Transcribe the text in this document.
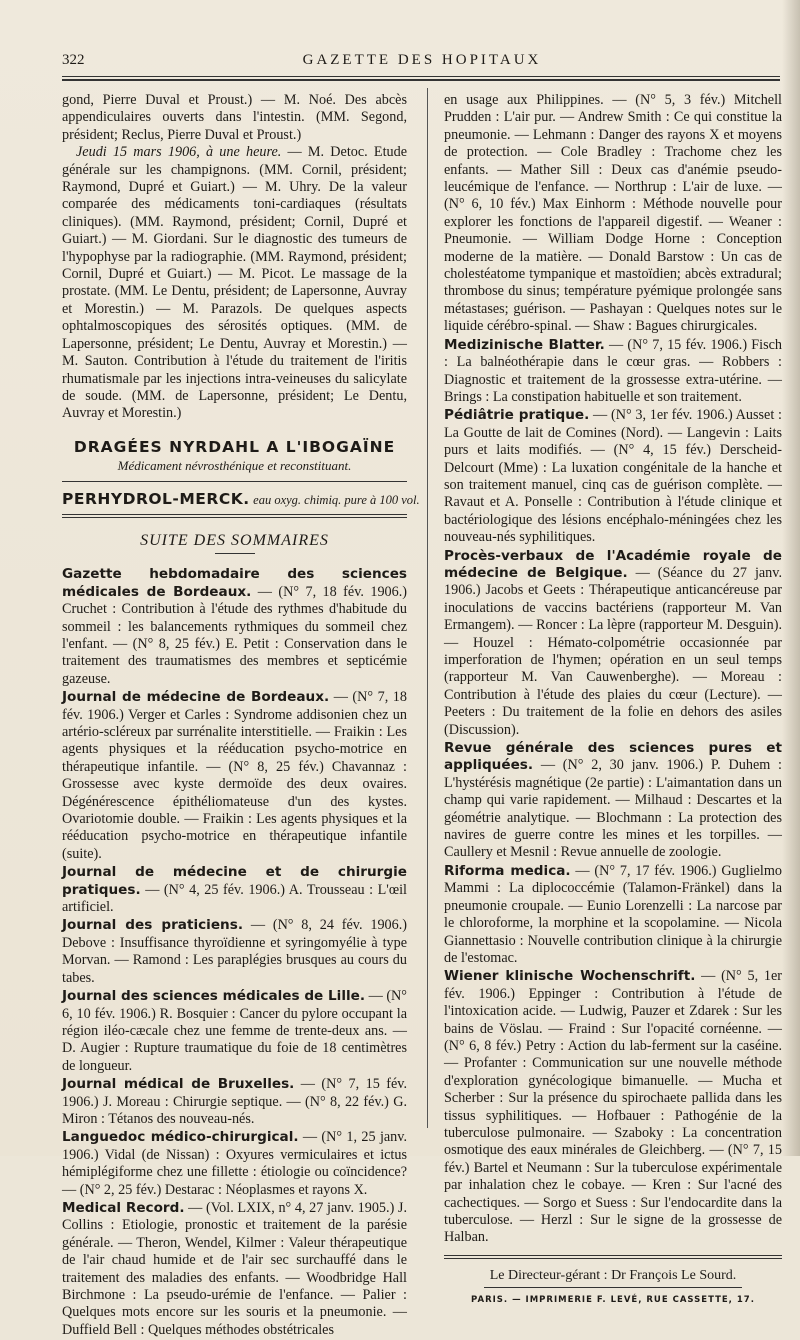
322	GAZETTE DES HOPITAUX

gond, Pierre Duval et Proust.) — M. Noé. Des abcès appendiculaires ouverts dans l'intestin. (MM. Segond, président; Reclus, Pierre Duval et Proust.)

Jeudi 15 mars 1906, à une heure. — M. Detoc. Etude générale sur les champignons. (MM. Cornil, président; Raymond, Dupré et Guiart.) — M. Uhry. De la valeur comparée des médicaments toni-cardiaques (résultats cliniques). (MM. Raymond, président; Cornil, Dupré et Guiart.) — M. Giordani. Sur le diagnostic des tumeurs de l'hypophyse par la radiographie. (MM. Raymond, président; Cornil, Dupré et Guiart.) — M. Picot. Le massage de la prostate. (MM. Le Dentu, président; de Lapersonne, Auvray et Morestin.) — M. Parazols. De quelques aspects ophtalmoscopiques des sérosités optiques. (MM. de Lapersonne, président; Le Dentu, Auvray et Morestin.) — M. Sauton. Contribution à l'étude du traitement de l'iritis rhumatismale par les injections intra-veineuses du salicylate de soude. (MM. de Lapersonne, président; Le Dentu, Auvray et Morestin.)

DRAGÉES NYRDAHL A L'IBOGAÏNE
Médicament névrosthénique et reconstituant.
PERHYDROL-MERCK. eau oxyg. chimiq. pure à 100 vol.
SUITE DES SOMMAIRES

Gazette hebdomadaire des sciences médicales de Bordeaux. — (N° 7, 18 fév. 1906.) Cruchet : Contribution à l'étude des rythmes d'habitude du sommeil : les balancements rythmiques du sommeil chez l'enfant. — (N° 8, 25 fév.) E. Petit : Conservation dans le traitement des traumatismes des membres et septicémie gazeuse.

Journal de médecine de Bordeaux. — (N° 7, 18 fév. 1906.) Verger et Carles : Syndrome addisonien chez un artério-scléreux par surrénalite interstitielle. — Fraikin : Les agents physiques et la rééducation psycho-motrice en thérapeutique infantile. — (N° 8, 25 fév.) Chavannaz : Grossesse avec kyste dermoïde des deux ovaires. Dégénérescence épithéliomateuse d'un des kystes. Ovariotomie double. — Fraikin : Les agents physiques et la rééducation psycho-motrice en thérapeutique infantile (suite).

Journal de médecine et de chirurgie pratiques. — (N° 4, 25 fév. 1906.) A. Trousseau : L'œil artificiel.

Journal des praticiens. — (N° 8, 24 fév. 1906.) Debove : Insuffisance thyroïdienne et syringomyélie à type Morvan. — Ramond : Les paraplégies brusques au cours du tabes.

Journal des sciences médicales de Lille. — (N° 6, 10 fév. 1906.) R. Bosquier : Cancer du pylore occupant la région iléo-cæcale chez une femme de trente-deux ans. — D. Augier : Rupture traumatique du foie de 18 centimètres de longueur.

Journal médical de Bruxelles. — (N° 7, 15 fév. 1906.) J. Moreau : Chirurgie septique. — (N° 8, 22 fév.) G. Miron : Tétanos des nouveau-nés.

Languedoc médico-chirurgical. — (N° 1, 25 janv. 1906.) Vidal (de Nissan) : Oxyures vermiculaires et ictus hémiplégiforme chez une fillette : étiologie ou coïncidence? — (N° 2, 25 fév.) Destarac : Néoplasmes et rayons X.

Medical Record. — (Vol. LXIX, n° 4, 27 janv. 1905.) J. Collins : Etiologie, pronostic et traitement de la parésie générale. — Theron, Wendel, Kilmer : Valeur thérapeutique de l'air chaud humide et de l'air sec surchauffé dans le traitement des maladies des enfants. — Woodbridge Hall Birchmone : La pseudo-urémie de l'enfance. — Palier : Quelques mots encore sur les souris et la pneumonie. — Duffield Bell : Quelques méthodes obstétricales

en usage aux Philippines. — (N° 5, 3 fév.) Mitchell Prudden : L'air pur. — Andrew Smith : Ce qui constitue la pneumonie. — Lehmann : Danger des rayons X et moyens de protection. — Cole Bradley : Trachome chez les enfants. — Mather Sill : Deux cas d'anémie pseudo-leucémique de l'enfance. — Northrup : L'air de luxe. — (N° 6, 10 fév.) Max Einhorm : Méthode nouvelle pour explorer les fonctions de l'appareil digestif. — Weaner : Pneumonie. — William Dodge Horne : Conception moderne de la matière. — Donald Barstow : Un cas de cholestéatome tympanique et mastoïdien; abcès extradural; thrombose du sinus; température pyémique prolongée sans métastases; guérison. — Pashayan : Quelques notes sur le liquide cérébro-spinal. — Shaw : Bagues chirurgicales.

Medizinische Blatter. — (N° 7, 15 fév. 1906.) Fisch : La balnéothérapie dans le cœur gras. — Robbers : Diagnostic et traitement de la grossesse extra-utérine. — Brings : La constipation habituelle et son traitement.

Pédiâtrie pratique. — (N° 3, 1er fév. 1906.) Ausset : La Goutte de lait de Comines (Nord). — Langevin : Laits purs et laits modifiés. — (N° 4, 15 fév.) Derscheid-Delcourt (Mme) : La luxation congénitale de la hanche et son traitement manuel, cinq cas de guérison complète. — Ravaut et A. Ponselle : Contribution à l'étude clinique et bactériologique des lésions encéphalo-méningées chez les nouveau-nés syphilitiques.

Procès-verbaux de l'Académie royale de médecine de Belgique. — (Séance du 27 janv. 1906.) Jacobs et Geets : Thérapeutique anticancéreuse par inoculations de vaccins bactériens (rapporteur M. Van Ermangem). — Roncer : La lèpre (rapporteur M. Desguin). — Houzel : Hémato-colpométrie occasionnée par imperforation de l'hymen; opération en un seul temps (rapporteur M. Van Cauwenberghe). — Moreau : Contribution à l'étude des plaies du cœur (Lecture). — Peeters : Du traitement de la folie en dehors des asiles (Discussion).

Revue générale des sciences pures et appliquées. — (N° 2, 30 janv. 1906.) P. Duhem : L'hystérésis magnétique (2e partie) : L'aimantation dans un champ qui varie rapidement. — Milhaud : Descartes et la géométrie analytique. — Blochmann : La protection des navires de guerre contre les mines et les torpilles. — Caullery et Mesnil : Revue annuelle de zoologie.

Riforma medica. — (N° 7, 17 fév. 1906.) Guglielmo Mammi : La diplococcémie (Talamon-Fränkel) dans la pneumonie croupale. — Eunio Lorenzelli : La narcose par le chloroforme, la morphine et la scopolamine. — Nicola Giannettasio : Nouvelle contribution clinique à la chirurgie de l'estomac.

Wiener klinische Wochenschrift. — (N° 5, 1er fév. 1906.) Eppinger : Contribution à l'étude de l'intoxication acide. — Ludwig, Pauzer et Zdarek : Sur les bains de Vöslau. — Fraind : Sur l'opacité cornéenne. — (N° 6, 8 fév.) Petry : Action du lab-ferment sur la caséine. — Profanter : Communication sur une nouvelle méthode d'exploration gynécologique bimanuelle. — Mucha et Scherber : Sur la présence du spirochaete pallida dans les tissus syphilitiques. — Hofbauer : Pathogénie de la tuberculose pulmonaire. — Szaboky : La concentration osmotique des eaux minérales de Gleichberg. — (N° 7, 15 fév.) Bartel et Neumann : Sur la tuberculose expérimentale par inhalation chez le cobaye. — Kren : Sur l'acné des cachectiques. — Sorgo et Suess : Sur l'endocardite dans la tuberculose. — Herzl : Sur le signe de la grossesse de Halban.

Le Directeur-gérant : Dr François Le Sourd.
PARIS. — IMPRIMERIE F. LEVÉ, RUE CASSETTE, 17.
